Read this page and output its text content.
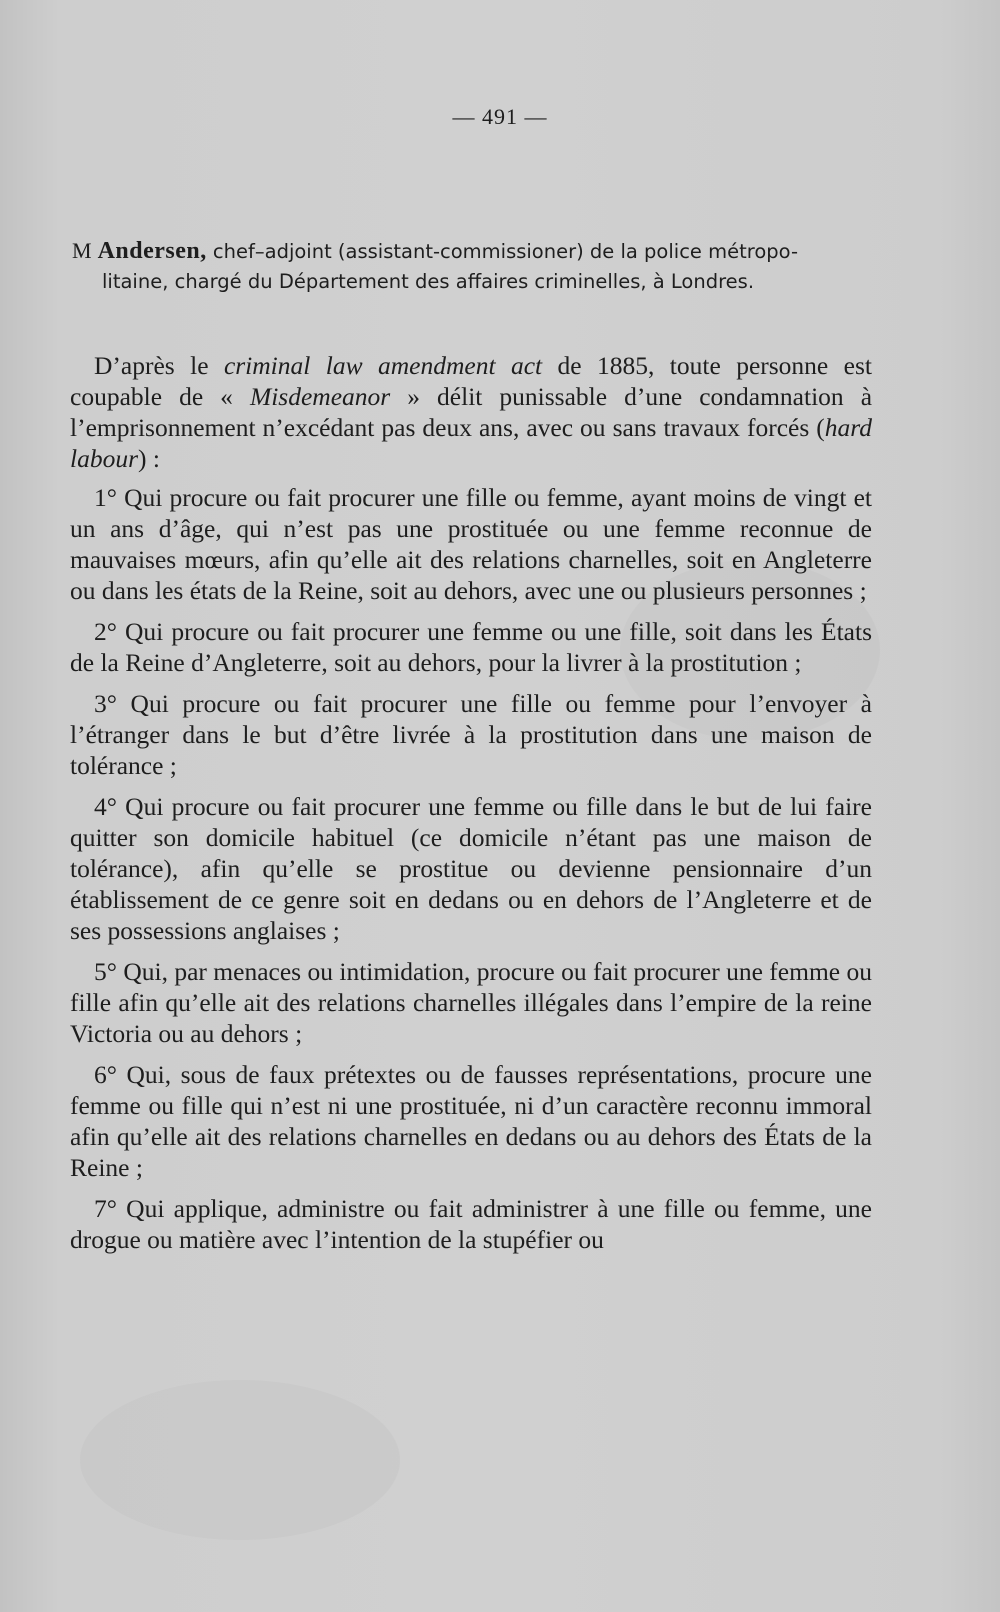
— 491 —
M Andersen, chef–adjoint (assistant-commissioner) de la police métropo-
litaine, chargé du Département des affaires criminelles, à Londres.

D’après le criminal law amendment act de 1885, toute personne est coupable de « Misdemeanor » délit punissable d’une condamnation à l’emprisonnement n’excédant pas deux ans, avec ou sans travaux forcés (hard labour) :

1° Qui procure ou fait procurer une fille ou femme, ayant moins de vingt et un ans d’âge, qui n’est pas une prostituée ou une femme reconnue de mauvaises mœurs, afin qu’elle ait des relations charnelles, soit en Angleterre ou dans les états de la Reine, soit au dehors, avec une ou plusieurs personnes ;

2° Qui procure ou fait procurer une femme ou une fille, soit dans les États de la Reine d’Angleterre, soit au dehors, pour la livrer à la prostitution ;

3° Qui procure ou fait procurer une fille ou femme pour l’envoyer à l’étranger dans le but d’être livrée à la prostitution dans une maison de tolérance ;

4° Qui procure ou fait procurer une femme ou fille dans le but de lui faire quitter son domicile habituel (ce domicile n’étant pas une maison de tolérance), afin qu’elle se prostitue ou devienne pensionnaire d’un établissement de ce genre soit en dedans ou en dehors de l’Angleterre et de ses possessions anglaises ;

5° Qui, par menaces ou intimidation, procure ou fait procurer une femme ou fille afin qu’elle ait des relations charnelles illégales dans l’empire de la reine Victoria ou au dehors ;

6° Qui, sous de faux prétextes ou de fausses représentations, procure une femme ou fille qui n’est ni une prostituée, ni d’un caractère reconnu immoral afin qu’elle ait des relations charnelles en dedans ou au dehors des États de la Reine ;

7° Qui applique, administre ou fait administrer à une fille ou femme, une drogue ou matière avec l’intention de la stupéfier ou
